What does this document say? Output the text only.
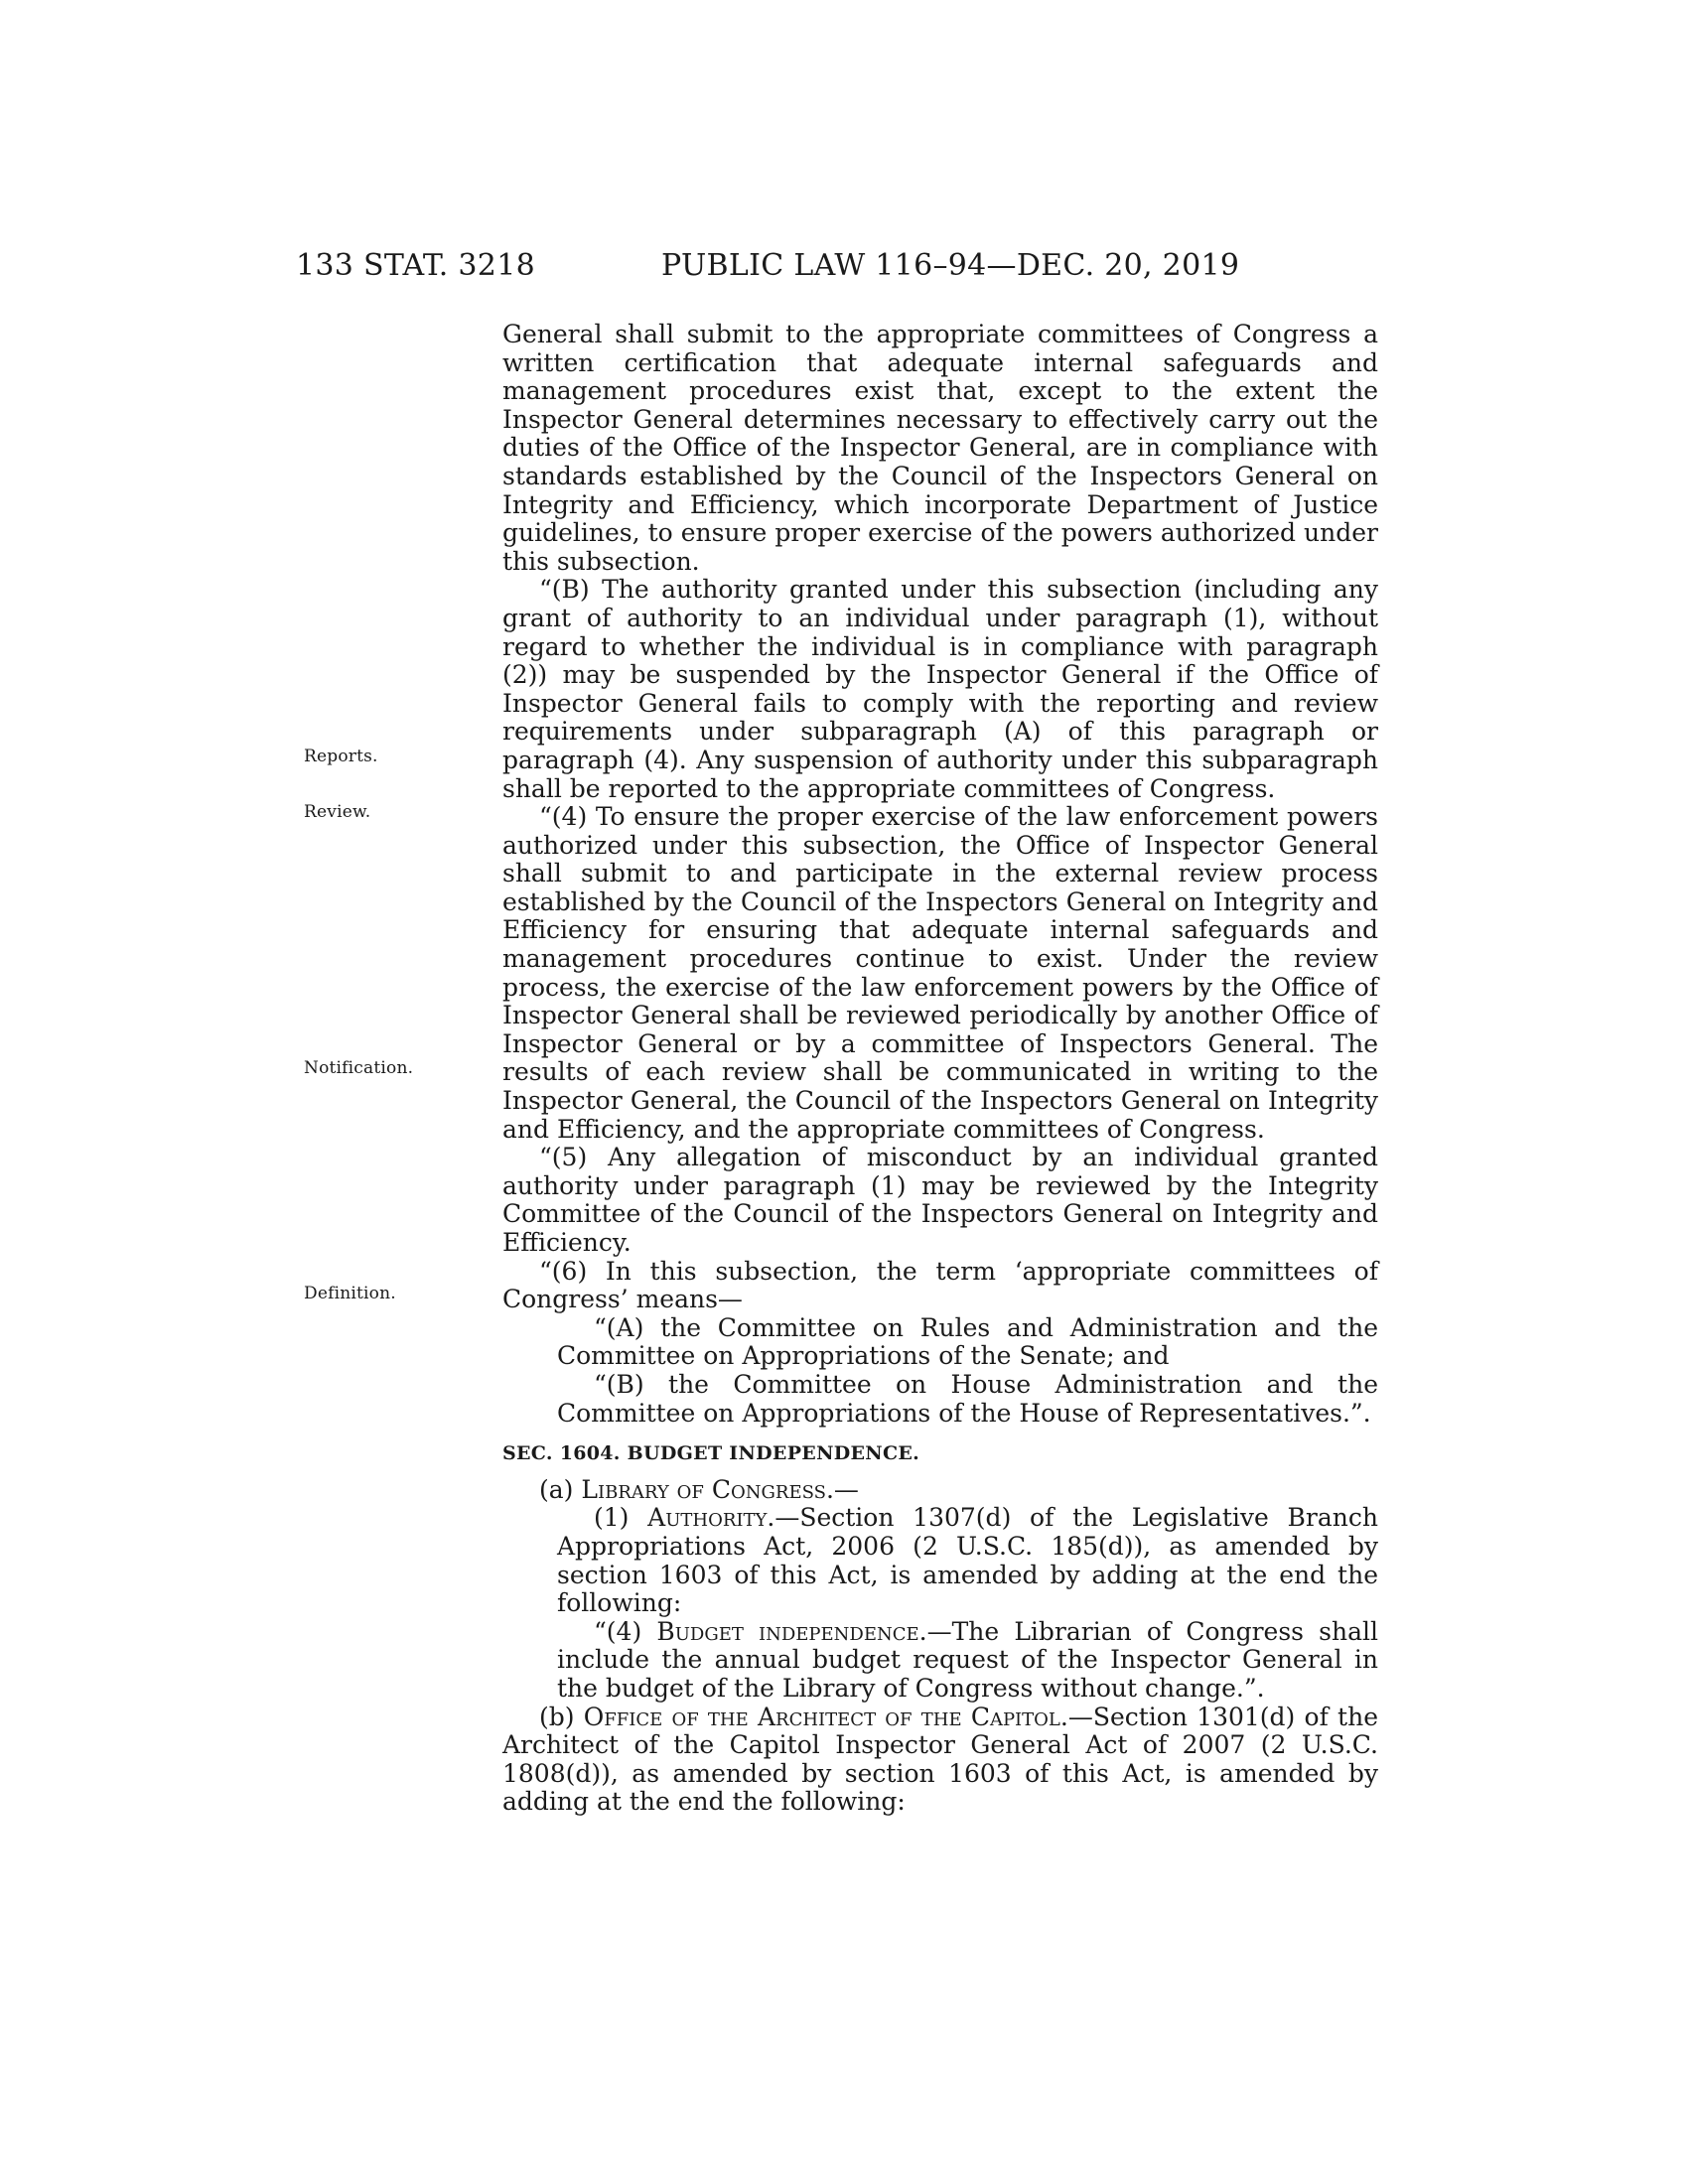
133 STAT. 3218	PUBLIC LAW 116–94—DEC. 20, 2019
Reports.
Review.
Notification.
Definition.

General shall submit to the appropriate committees of Congress a written certification that adequate internal safeguards and management procedures exist that, except to the extent the Inspector General determines necessary to effectively carry out the duties of the Office of the Inspector General, are in compliance with standards established by the Council of the Inspectors General on Integrity and Efficiency, which incorporate Department of Justice guidelines, to ensure proper exercise of the powers authorized under this subsection.

“(B) The authority granted under this subsection (including any grant of authority to an individual under paragraph (1), without regard to whether the individual is in compliance with paragraph (2)) may be suspended by the Inspector General if the Office of Inspector General fails to comply with the reporting and review requirements under subparagraph (A) of this paragraph or paragraph (4). Any suspension of authority under this subparagraph shall be reported to the appropriate committees of Congress.

“(4) To ensure the proper exercise of the law enforcement powers authorized under this subsection, the Office of Inspector General shall submit to and participate in the external review process established by the Council of the Inspectors General on Integrity and Efficiency for ensuring that adequate internal safeguards and management procedures continue to exist. Under the review process, the exercise of the law enforcement powers by the Office of Inspector General shall be reviewed periodically by another Office of Inspector General or by a committee of Inspectors General. The results of each review shall be communicated in writing to the Inspector General, the Council of the Inspectors General on Integrity and Efficiency, and the appropriate committees of Congress.

“(5) Any allegation of misconduct by an individual granted authority under paragraph (1) may be reviewed by the Integrity Committee of the Council of the Inspectors General on Integrity and Efficiency.

“(6) In this subsection, the term ‘appropriate committees of Congress’ means—

“(A) the Committee on Rules and Administration and the Committee on Appropriations of the Senate; and

“(B) the Committee on House Administration and the Committee on Appropriations of the House of Representatives.”.

SEC. 1604. BUDGET INDEPENDENCE.

(a) Library of Congress.—

(1) Authority.—Section 1307(d) of the Legislative Branch Appropriations Act, 2006 (2 U.S.C. 185(d)), as amended by section 1603 of this Act, is amended by adding at the end the following:

“(4) Budget independence.—The Librarian of Congress shall include the annual budget request of the Inspector General in the budget of the Library of Congress without change.”.

(b) Office of the Architect of the Capitol.—Section 1301(d) of the Architect of the Capitol Inspector General Act of 2007 (2 U.S.C. 1808(d)), as amended by section 1603 of this Act, is amended by adding at the end the following:
